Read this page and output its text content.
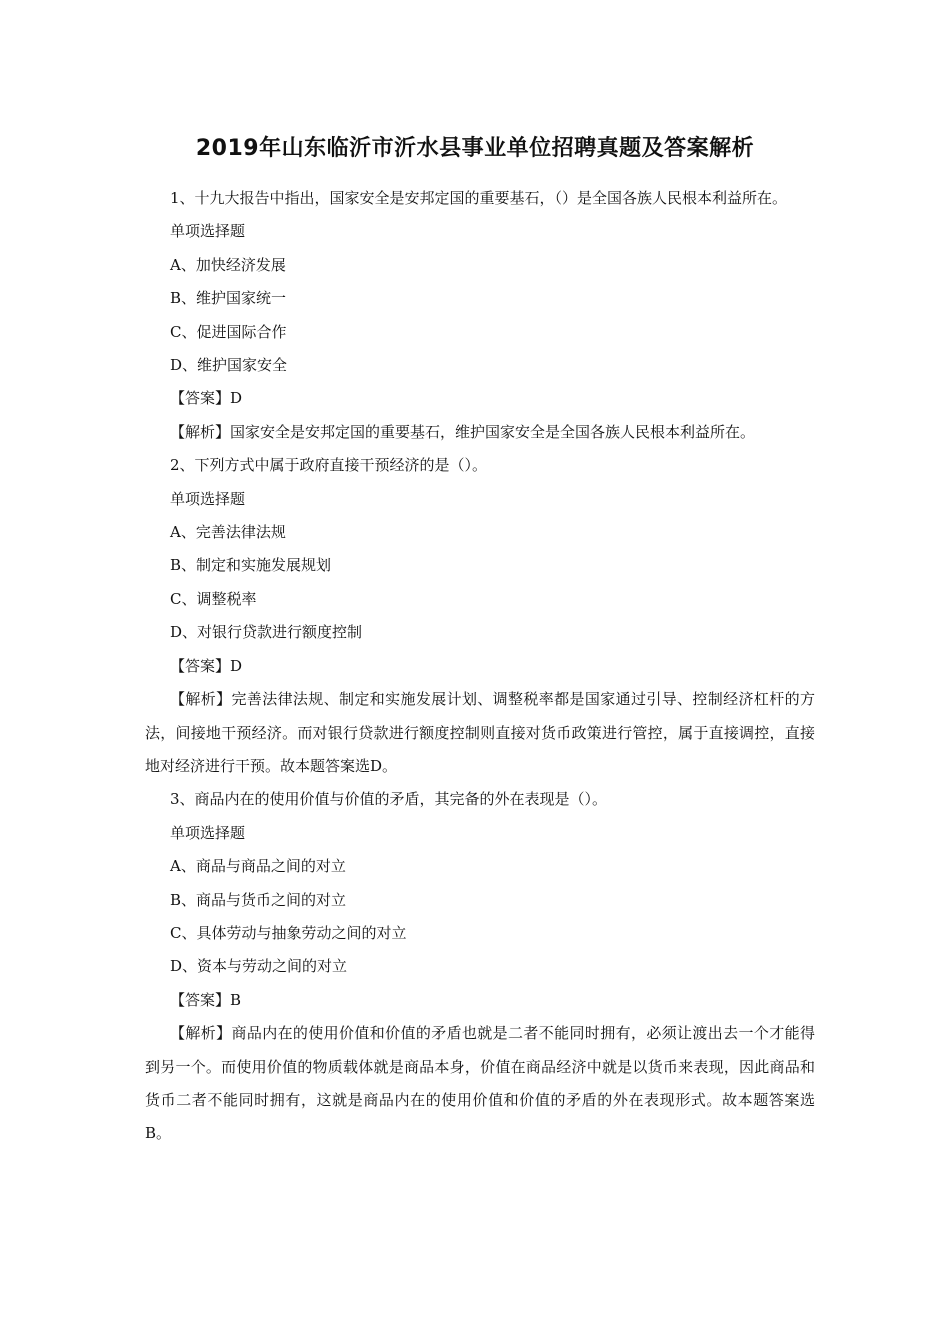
2019年山东临沂市沂水县事业单位招聘真题及答案解析

1、十九大报告中指出，国家安全是安邦定国的重要基石，（）是全国各族人民根本利益所在。

单项选择题

A、加快经济发展

B、维护国家统一

C、促进国际合作

D、维护国家安全

【答案】D

【解析】国家安全是安邦定国的重要基石，维护国家安全是全国各族人民根本利益所在。

2、下列方式中属于政府直接干预经济的是（）。

单项选择题

A、完善法律法规

B、制定和实施发展规划

C、调整税率

D、对银行贷款进行额度控制

【答案】D

【解析】完善法律法规、制定和实施发展计划、调整税率都是国家通过引导、控制经济杠杆的方法，间接地干预经济。而对银行贷款进行额度控制则直接对货币政策进行管控，属于直接调控，直接地对经济进行干预。故本题答案选D。

3、商品内在的使用价值与价值的矛盾，其完备的外在表现是（）。

单项选择题

A、商品与商品之间的对立

B、商品与货币之间的对立

C、具体劳动与抽象劳动之间的对立

D、资本与劳动之间的对立

【答案】B

【解析】商品内在的使用价值和价值的矛盾也就是二者不能同时拥有，必须让渡出去一个才能得到另一个。而使用价值的物质载体就是商品本身，价值在商品经济中就是以货币来表现，因此商品和货币二者不能同时拥有，这就是商品内在的使用价值和价值的矛盾的外在表现形式。故本题答案选B。
